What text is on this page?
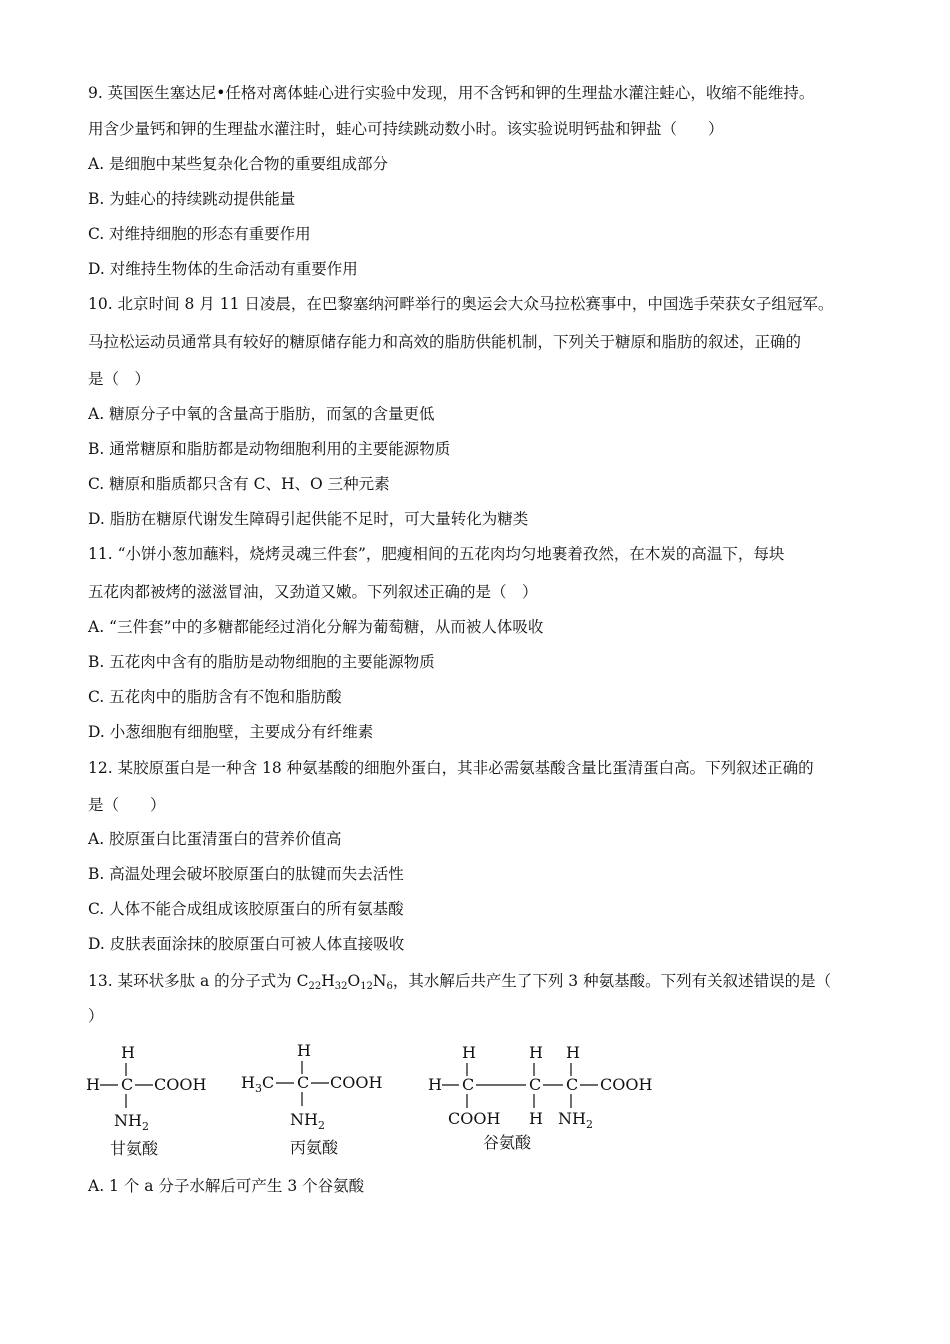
9. 英国医生塞达尼•任格对离体蛙心进行实验中发现，用不含钙和钾的生理盐水灌注蛙心，收缩不能维持。
用含少量钙和钾的生理盐水灌注时，蛙心可持续跳动数小时。该实验说明钙盐和钾盐（　　）
A. 是细胞中某些复杂化合物的重要组成部分
B. 为蛙心的持续跳动提供能量
C. 对维持细胞的形态有重要作用
D. 对维持生物体的生命活动有重要作用
10. 北京时间 8 月 11 日凌晨，在巴黎塞纳河畔举行的奥运会大众马拉松赛事中，中国选手荣获女子组冠军。
马拉松运动员通常具有较好的糖原储存能力和高效的脂肪供能机制，下列关于糖原和脂肪的叙述，正确的
是（　）
A. 糖原分子中氧的含量高于脂肪，而氢的含量更低
B. 通常糖原和脂肪都是动物细胞利用的主要能源物质
C. 糖原和脂质都只含有 C、H、O 三种元素
D. 脂肪在糖原代谢发生障碍引起供能不足时，可大量转化为糖类
11. “小饼小葱加蘸料，烧烤灵魂三件套”，肥瘦相间的五花肉均匀地裹着孜然，在木炭的高温下，每块
五花肉都被烤的滋滋冒油，又劲道又嫩。下列叙述正确的是（　）
A. “三件套”中的多糖都能经过消化分解为葡萄糖，从而被人体吸收
B. 五花肉中含有的脂肪是动物细胞的主要能源物质
C. 五花肉中的脂肪含有不饱和脂肪酸
D. 小葱细胞有细胞壁，主要成分有纤维素
12. 某胶原蛋白是一种含 18 种氨基酸的细胞外蛋白，其非必需氨基酸含量比蛋清蛋白高。下列叙述正确的
是（　　）
A. 胶原蛋白比蛋清蛋白的营养价值高
B. 高温处理会破坏胶原蛋白的肽键而失去活性
C. 人体不能合成组成该胶原蛋白的所有氨基酸
D. 皮肤表面涂抹的胶原蛋白可被人体直接吸收
13. 某环状多肽 a 的分子式为 $C_{22}H_{32}O_{12}N_6$，其水解后共产生了下列 3 种氨基酸。下列有关叙述错误的是（
）
H
H C COOH
$NH_2$
甘氨酸
H
$H_3C$ C COOH
$NH_2$
丙氨酸
H
H C
COOH
H
C
H
H
C COOH
$NH_2$
谷氨酸
A. 1 个 a 分子水解后可产生 3 个谷氨酸
